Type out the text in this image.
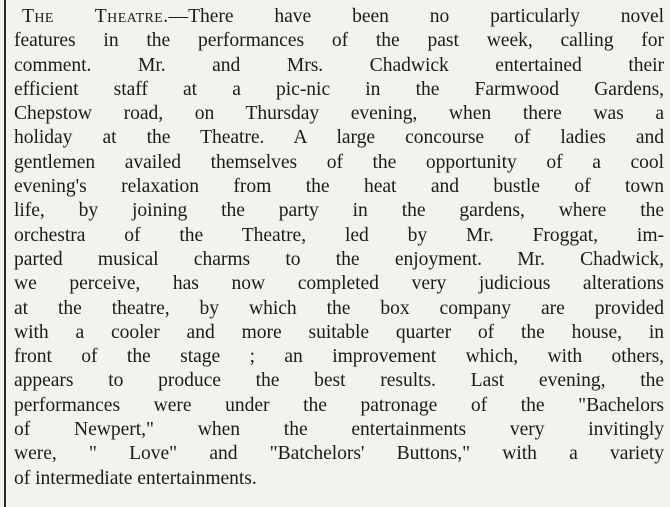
The Theatre.—There have been no particularly novel
features in the performances of the past week, calling for
comment. Mr. and Mrs. Chadwick entertained their
efficient staff at a pic-nic in the Farmwood Gardens,
Chepstow road, on Thursday evening, when there was a
holiday at the Theatre. A large concourse of ladies and
gentlemen availed themselves of the opportunity of a cool
evening's relaxation from the heat and bustle of town
life, by joining the party in the gardens, where the
orchestra of the Theatre, led by Mr. Froggat, im-
parted musical charms to the enjoyment. Mr. Chadwick,
we perceive, has now completed very judicious alterations
at the theatre, by which the box company are provided
with a cooler and more suitable quarter of the house, in
front of the stage ; an improvement which, with others,
appears to produce the best results. Last evening, the
performances were under the patronage of the "Bachelors
of Newpert," when the entertainments very invitingly
were, " Love" and "Batchelors' Buttons," with a variety
of intermediate entertainments.
